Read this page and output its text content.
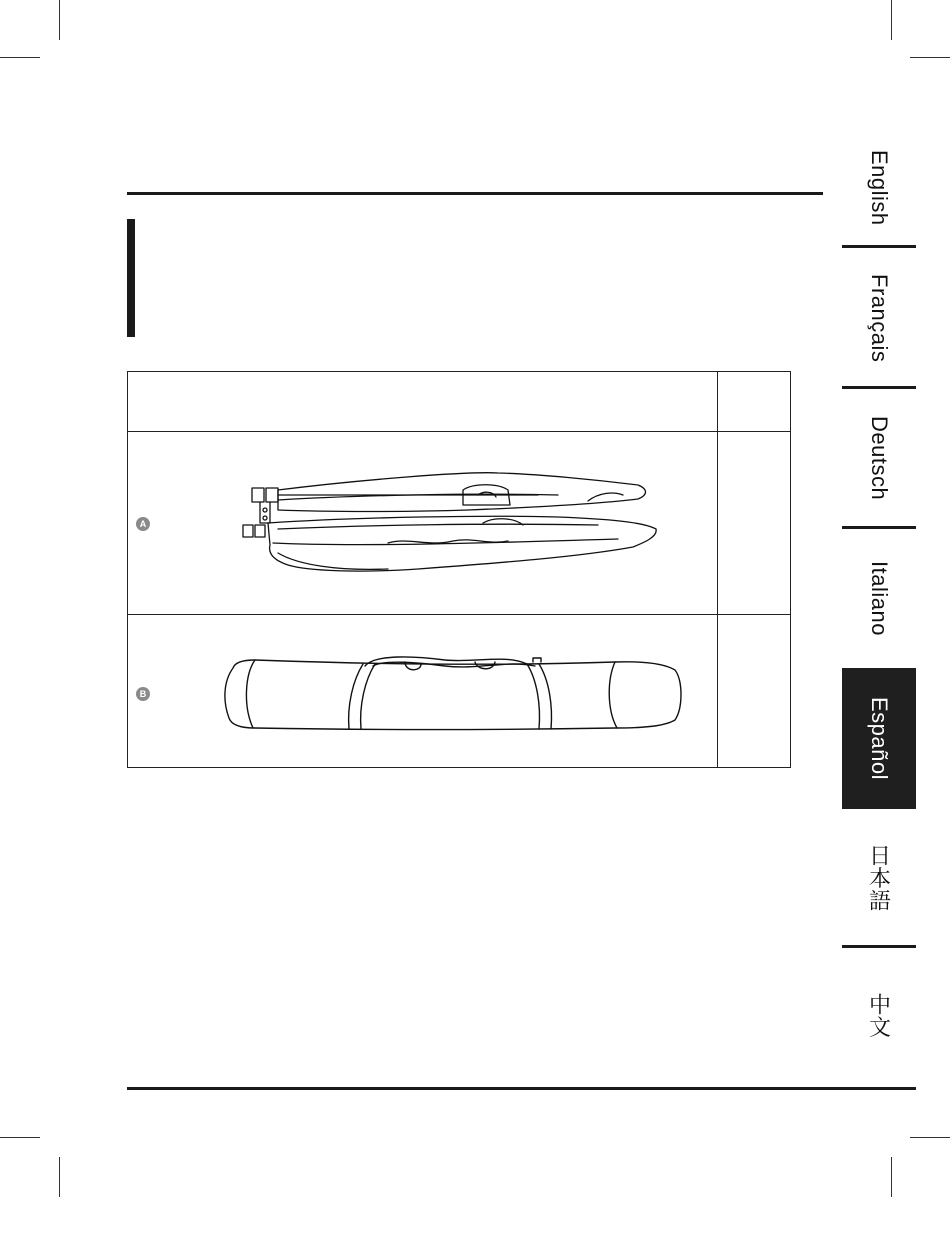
English
Français
Deutsch
Italiano
Español
日本語
中文
A
B
